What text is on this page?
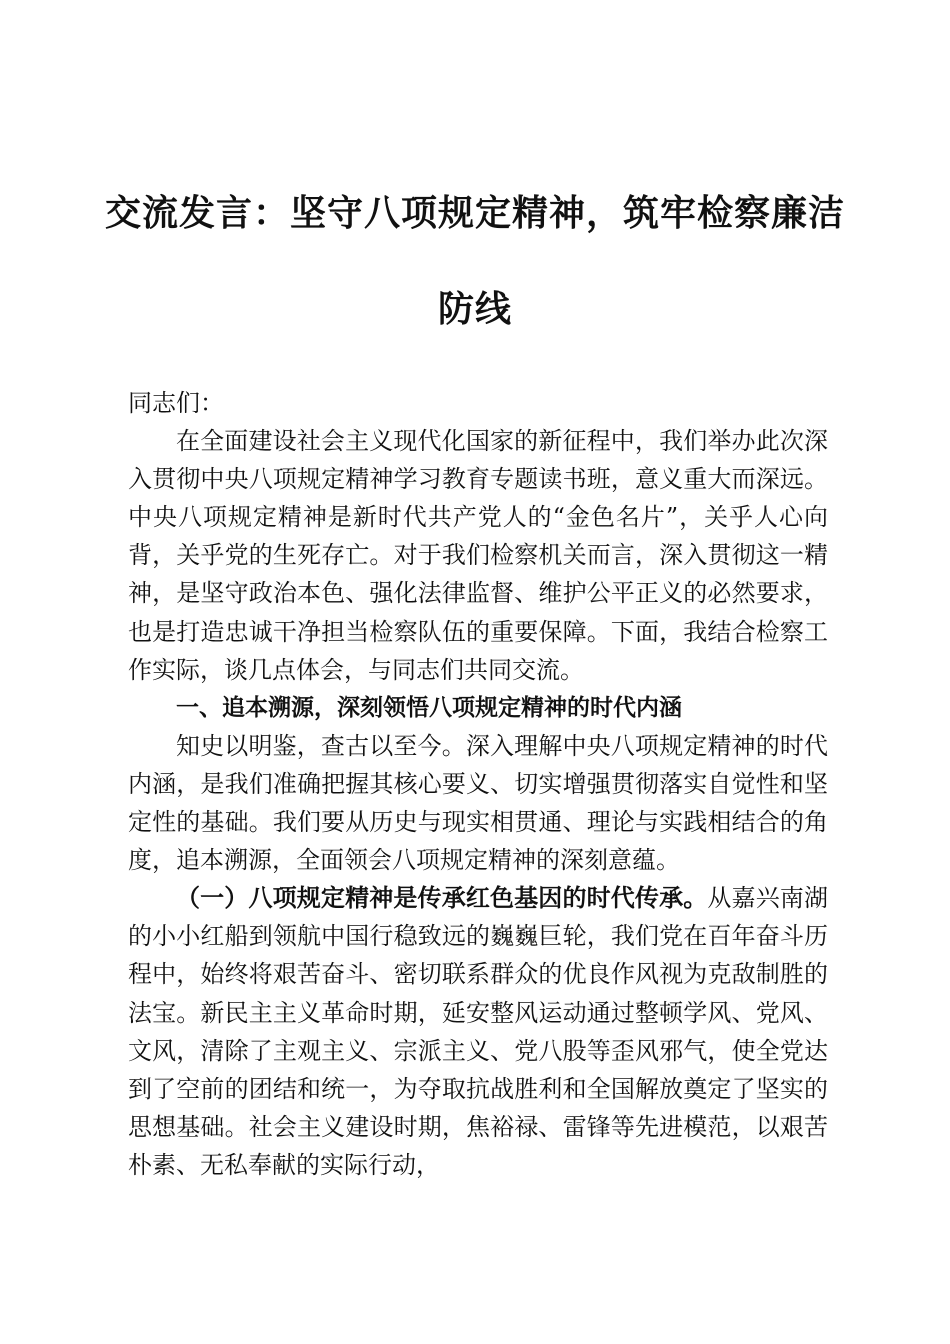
交流发言：坚守八项规定精神，筑牢检察廉洁
防线

同志们：

在全面建设社会主义现代化国家的新征程中，我们举办此次深入贯彻中央八项规定精神学习教育专题读书班，意义重大而深远。中央八项规定精神是新时代共产党人的“金色名片”，关乎人心向背，关乎党的生死存亡。对于我们检察机关而言，深入贯彻这一精神，是坚守政治本色、强化法律监督、维护公平正义的必然要求，也是打造忠诚干净担当检察队伍的重要保障。下面，我结合检察工作实际，谈几点体会，与同志们共同交流。

一、追本溯源，深刻领悟八项规定精神的时代内涵

知史以明鉴，查古以至今。深入理解中央八项规定精神的时代内涵，是我们准确把握其核心要义、切实增强贯彻落实自觉性和坚定性的基础。我们要从历史与现实相贯通、理论与实践相结合的角度，追本溯源，全面领会八项规定精神的深刻意蕴。

（一）八项规定精神是传承红色基因的时代传承。从嘉兴南湖的小小红船到领航中国行稳致远的巍巍巨轮，我们党在百年奋斗历程中，始终将艰苦奋斗、密切联系群众的优良作风视为克敌制胜的法宝。新民主主义革命时期，延安整风运动通过整顿学风、党风、文风，清除了主观主义、宗派主义、党八股等歪风邪气，使全党达到了空前的团结和统一，为夺取抗战胜利和全国解放奠定了坚实的思想基础。社会主义建设时期，焦裕禄、雷锋等先进模范，以艰苦朴素、无私奉献的实际行动，
